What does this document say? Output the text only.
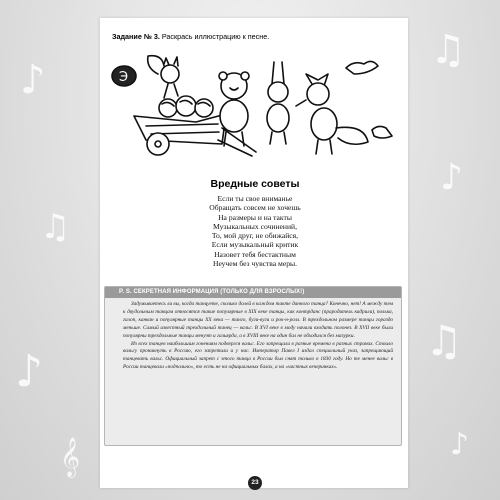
♪
♫
♪
♫
♪
♫
♪
𝄞
Задание № 3. Раскрась иллюстрацию к песне.
Э
Вредные советы
Если ты свое вниманье
Обращать совсем не хочешь
На размеры и на такты
Музыкальных сочинений,
То, мой друг, не обижайся,
Если музыкальный критик
Назовет тебя бестактным
Неучем без чувства меры.
P. S. СЕКРЕТНАЯ ИНФОРМАЦИЯ (ТОЛЬКО ДЛЯ ВЗРОСЛЫХ!)

Задумываетесь ли вы, когда танцуете, сколько долей в каждом такте данного танца? Конечно, нет! А между тем к двудольным танцам относятся такие популярные в XIX веке танцы, как контрданс (прародитель кадрили), полька, галоп, канкан и популярные танцы XX века — танго, буги-вуги и рок-н-ролл. В трехдольном размере танцы гораздо меньше. Самый известный трехдольный танец — вальс. В XVI веке в моду начали входить полонез. В XVII веке были популярны трехдольные танцы менуэт и гальярда, а в XVIII веке на один бал не обходился без мазурки.

Из всех танцев наибольшим гонениям подвергся вальс. Его запрещали в разные времена в разных странах. Стоило вальсу проникнуть в Россию, его запретили и у нас. Император Павел I издал специальный указ, запрещающий танцевать вальс. Официальный запрет с этого танца в России был снят только в 1830 году. Но те менее вальс в России танцевали «подпольно», то есть не на официальных балах, а на «частных вечеринках».

23
